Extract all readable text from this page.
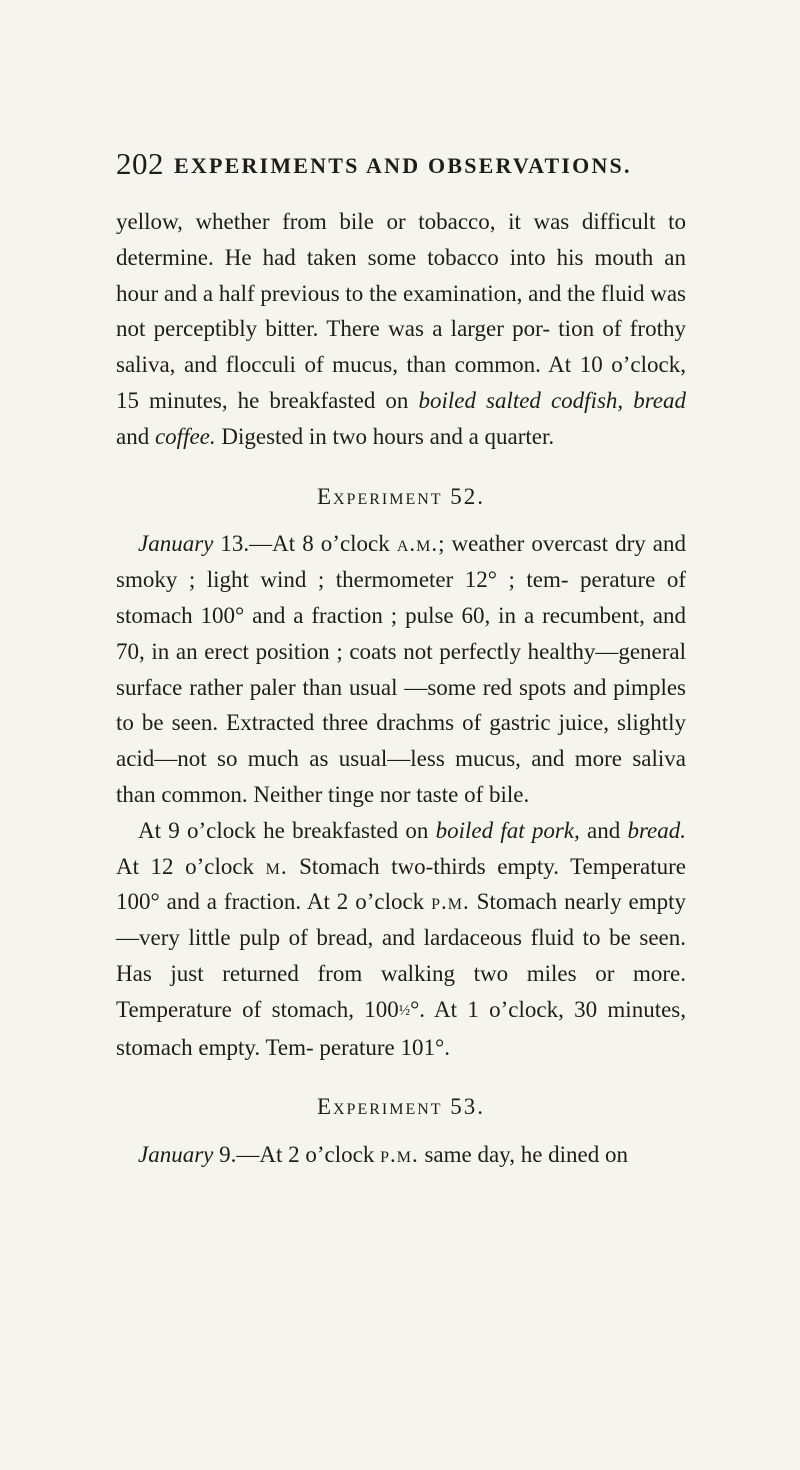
202 EXPERIMENTS AND OBSERVATIONS.

yellow, whether from bile or tobacco, it was difficult to determine. He had taken some tobacco into his mouth an hour and a half previous to the examination, and the fluid was not perceptibly bitter. There was a larger por- tion of frothy saliva, and flocculi of mucus, than common. At 10 o’clock, 15 minutes, he breakfasted on boiled salted codfish, bread and coffee. Digested in two hours and a quarter.

Experiment 52.

January 13.—At 8 o’clock a.m.; weather overcast dry and smoky ; light wind ; thermometer 12° ; tem- perature of stomach 100° and a fraction ; pulse 60, in a recumbent, and 70, in an erect position ; coats not perfectly healthy—general surface rather paler than usual —some red spots and pimples to be seen. Extracted three drachms of gastric juice, slightly acid—not so much as usual—less mucus, and more saliva than common. Neither tinge nor taste of bile.

At 9 o’clock he breakfasted on boiled fat pork, and bread. At 12 o’clock m. Stomach two-thirds empty. Temperature 100° and a fraction. At 2 o’clock p.m. Stomach nearly empty—very little pulp of bread, and lardaceous fluid to be seen. Has just returned from walking two miles or more. Temperature of stomach, 100½°. At 1 o’clock, 30 minutes, stomach empty. Tem- perature 101°.

Experiment 53.

January 9.—At 2 o’clock p.m. same day, he dined on
